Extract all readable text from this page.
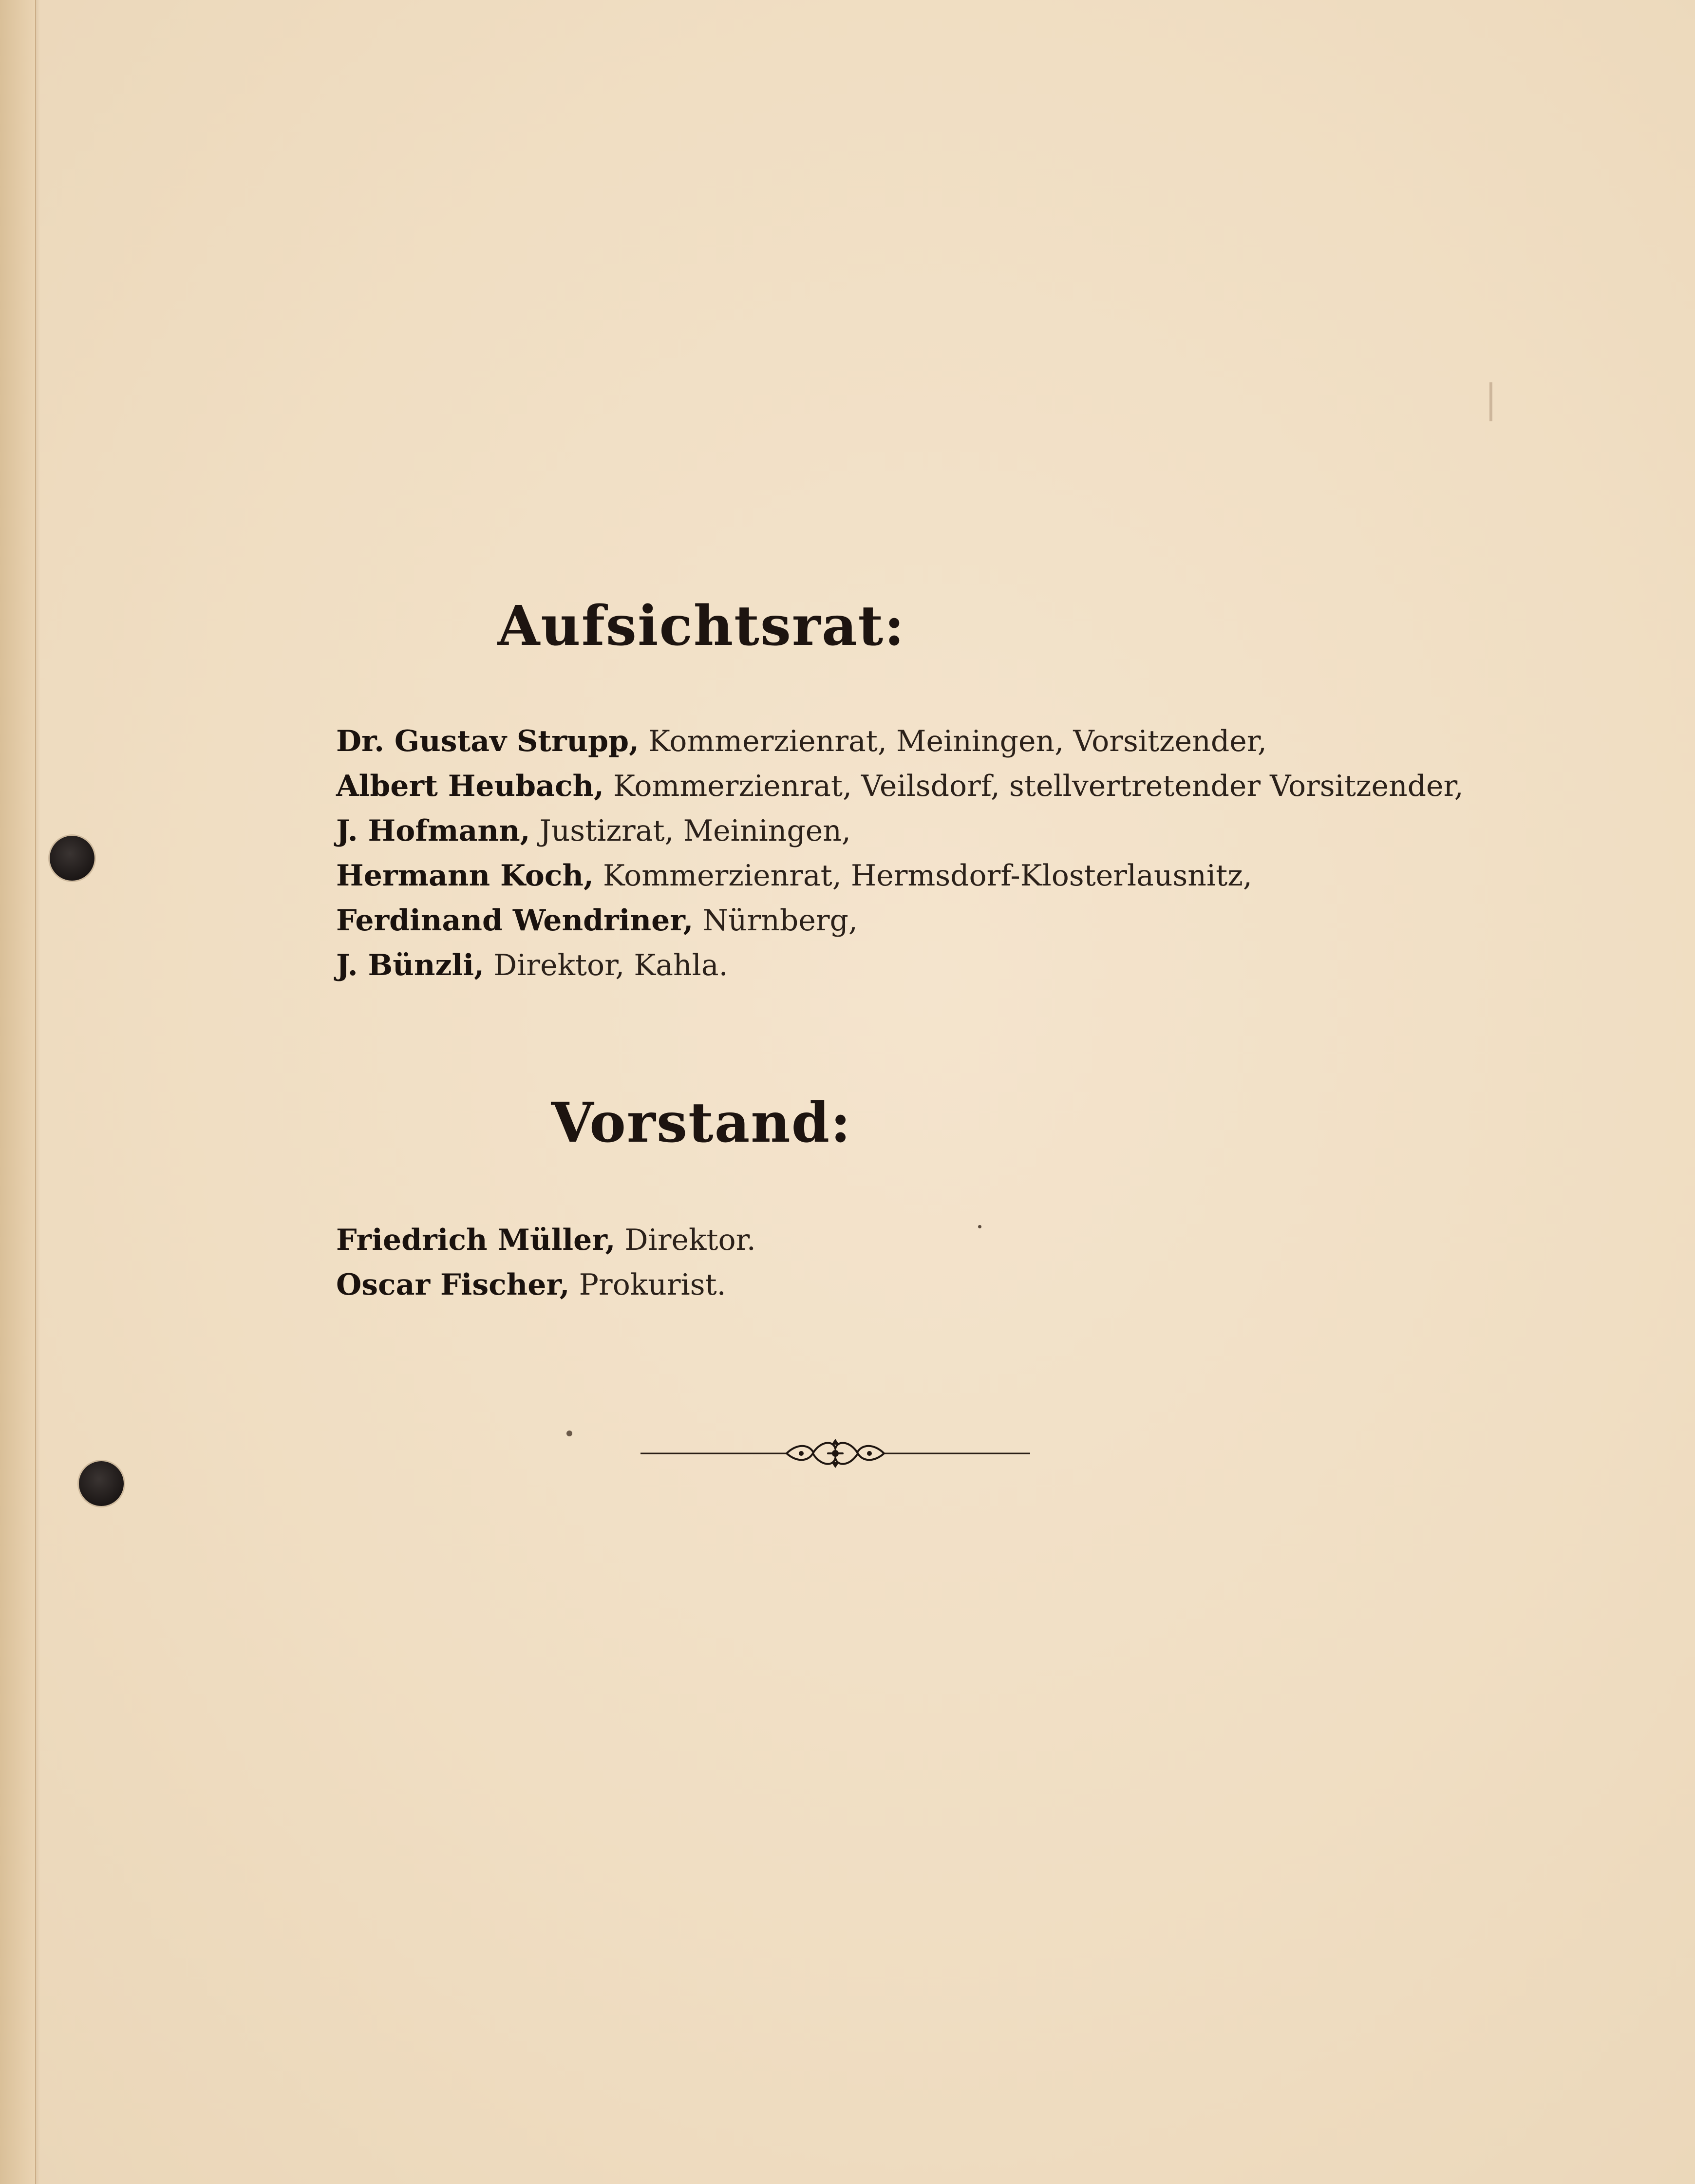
Aufsichtsrat:
Dr. Gustav Strupp, Kommerzienrat, Meiningen, Vorsitzender,
Albert Heubach, Kommerzienrat, Veilsdorf, stellvertretender Vorsitzender,
J. Hofmann, Justizrat, Meiningen,
Hermann Koch, Kommerzienrat, Hermsdorf-Klosterlausnitz,
Ferdinand Wendriner, Nürnberg,
J. Bünzli, Direktor, Kahla.
Vorstand:
Friedrich Müller, Direktor.
Oscar Fischer, Prokurist.
